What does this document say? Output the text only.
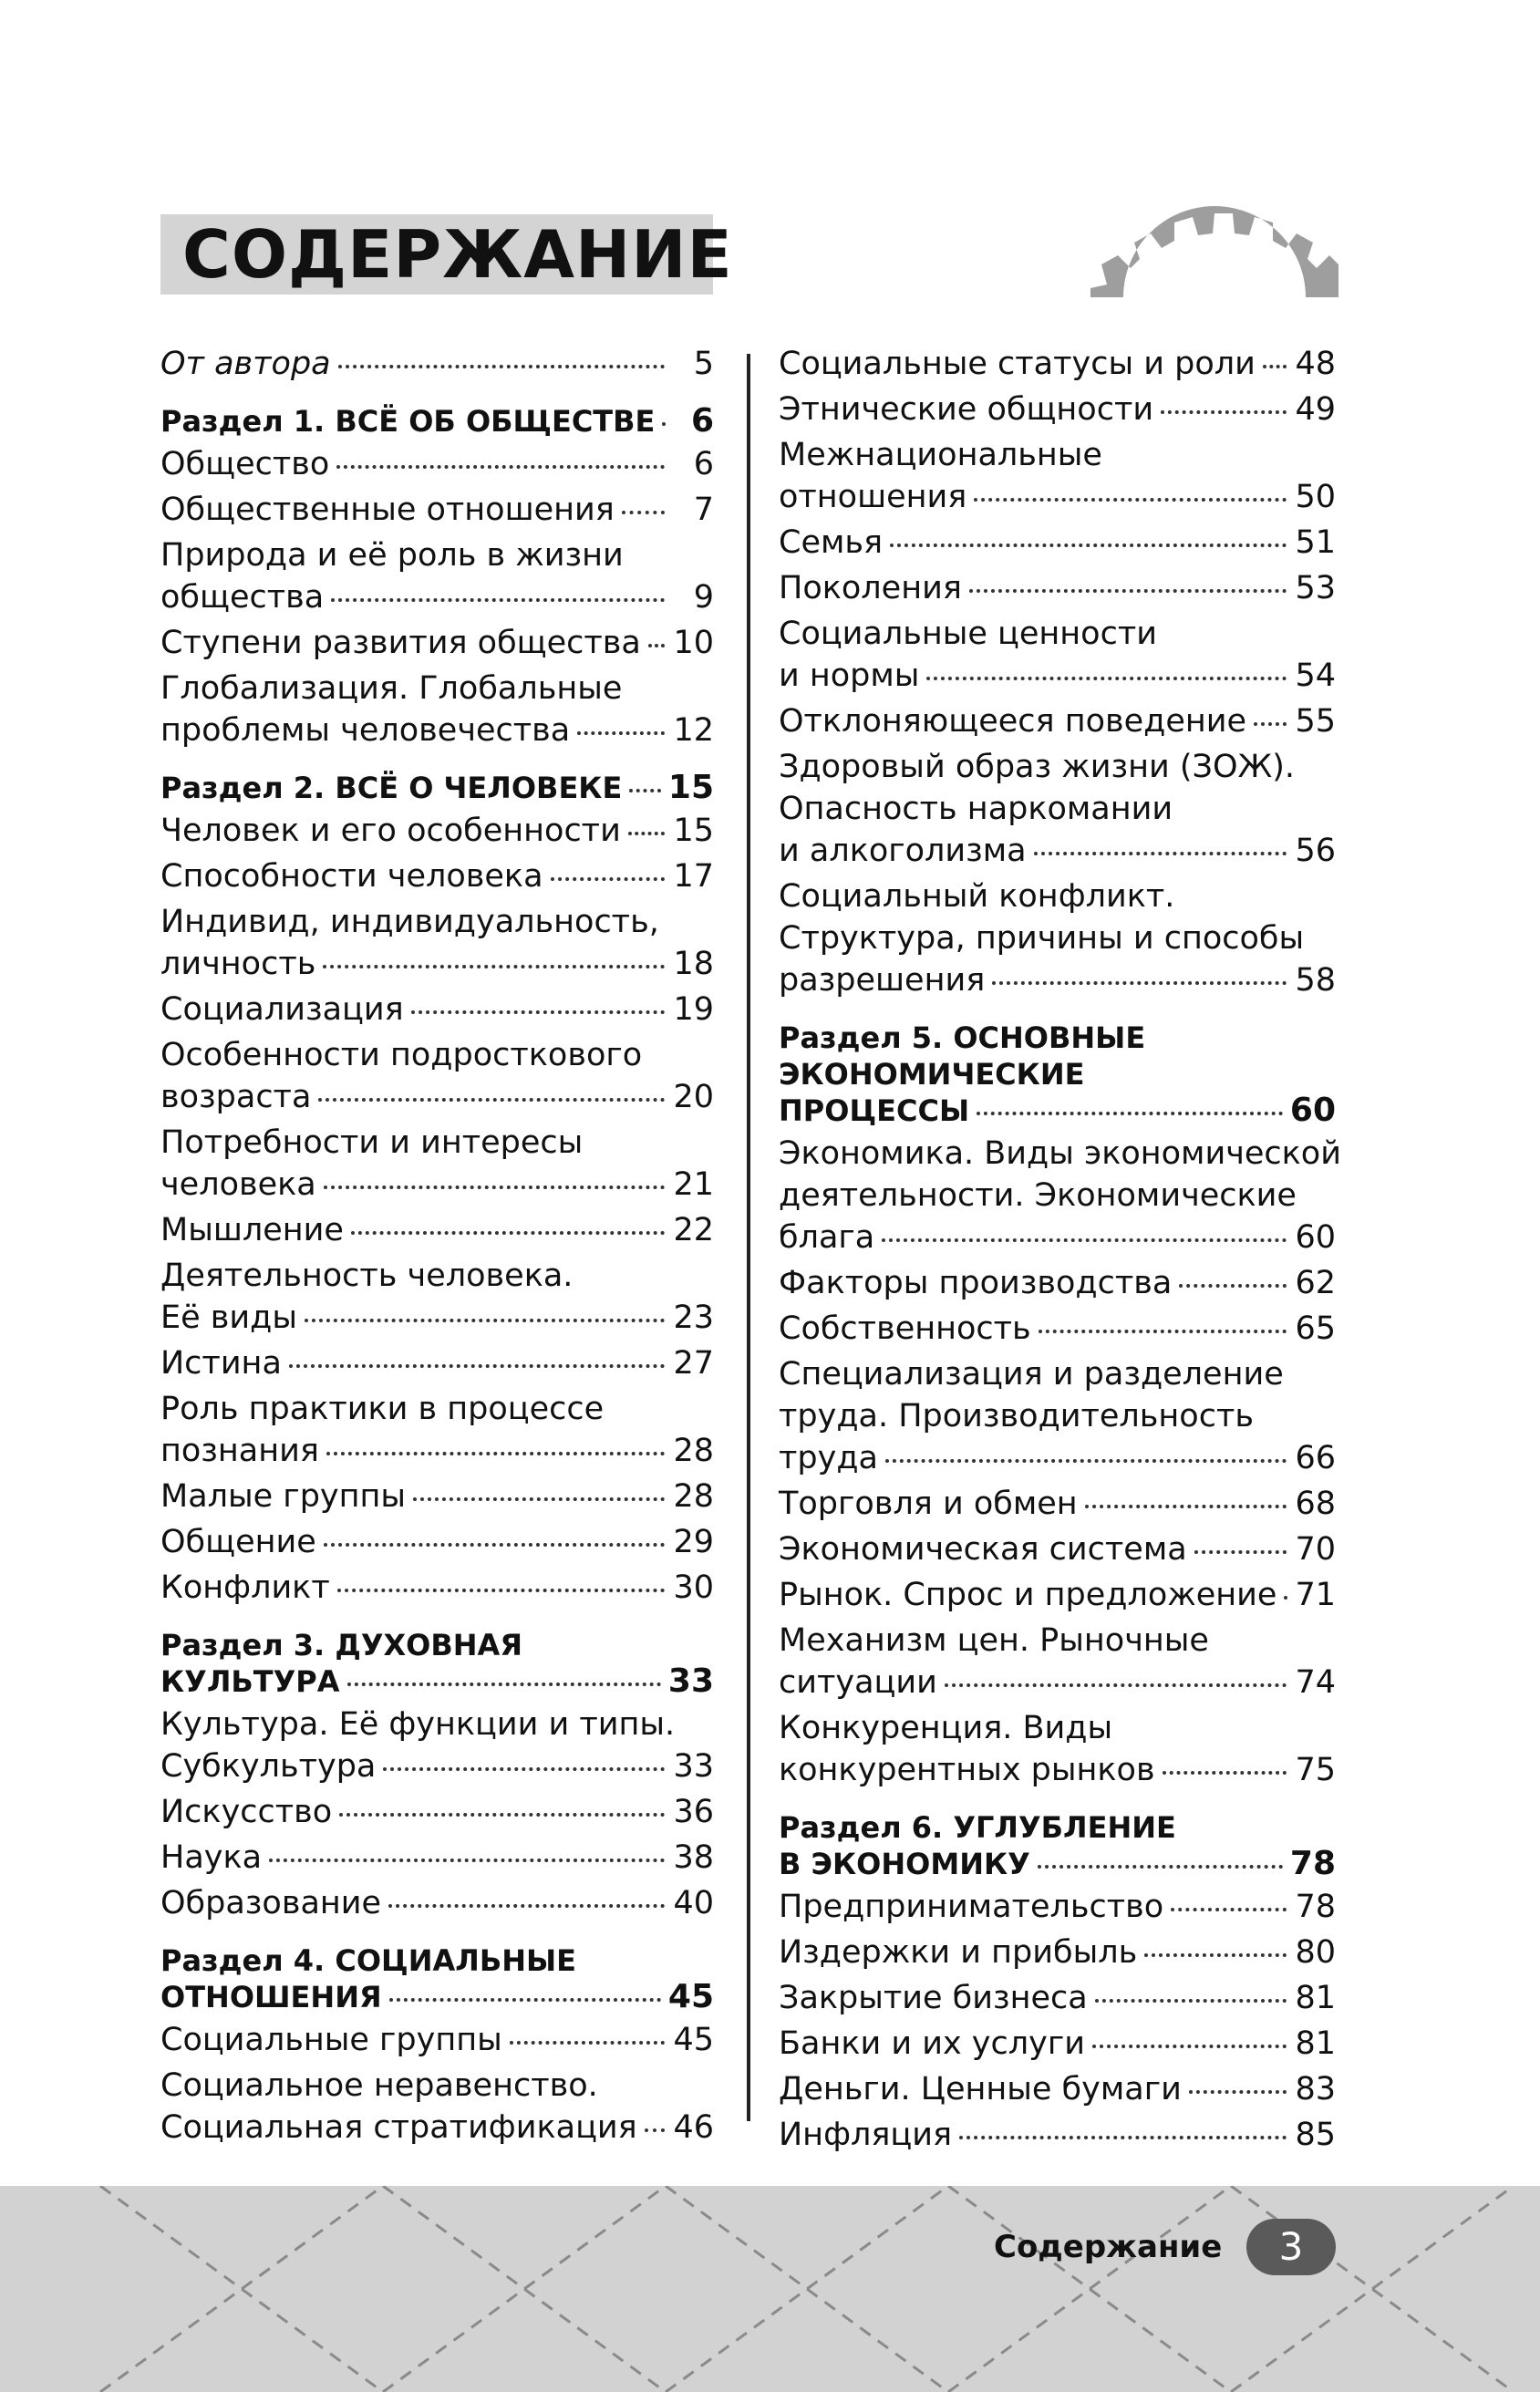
СОДЕРЖАНИЕ
От автора	5
Раздел 1. ВСЁ ОБ ОБЩЕСТВЕ	6
Общество	6
Общественные отношения	7
Природа и её роль в жизни
общества	9
Ступени развития общества 10
Глобализация. Глобальные
проблемы человечества	12
Раздел 2. ВСЁ О ЧЕЛОВЕКЕ 15
Человек и его особенности 15
Способности человека	17
Индивид, индивидуальность,
личность	18
Социализация	19
Особенности подросткового
возраста	20
Потребности и интересы
человека	21
Мышление	22
Деятельность человека.
Её виды	23
Истина	27
Роль практики в процессе
познания	28
Малые группы	28
Общение	29
Конфликт	30
Раздел 3. ДУХОВНАЯ
КУЛЬТУРА	33
Культура. Её функции и типы.
Субкультура	33
Искусство	36
Наука	38
Образование	40
Раздел 4. СОЦИАЛЬНЫЕ
ОТНОШЕНИЯ	45
Социальные группы	45
Социальное неравенство.
Социальная стратификация 46
Социальные статусы и роли 48
Этнические общности	49
Межнациональные
отношения	50
Семья	51
Поколения	53
Социальные ценности
и нормы	54
Отклоняющееся поведение 55
Здоровый образ жизни (ЗОЖ).
Опасность наркомании
и алкоголизма	56
Социальный конфликт.
Структура, причины и способы
разрешения	58
Раздел 5. ОСНОВНЫЕ
ЭКОНОМИЧЕСКИЕ
ПРОЦЕССЫ	60
Экономика. Виды экономической
деятельности. Экономические
блага	60
Факторы производства	62
Собственность	65
Специализация и разделение
труда. Производительность
труда	66
Торговля и обмен	68
Экономическая система	70
Рынок. Спрос и предложение 71
Механизм цен. Рыночные
ситуации	74
Конкуренция. Виды
конкурентных рынков	75
Раздел 6. УГЛУБЛЕНИЕ
В ЭКОНОМИКУ	78
Предпринимательство	78
Издержки и прибыль	80
Закрытие бизнеса	81
Банки и их услуги	81
Деньги. Ценные бумаги	83
Инфляция	85
Содержание	3
